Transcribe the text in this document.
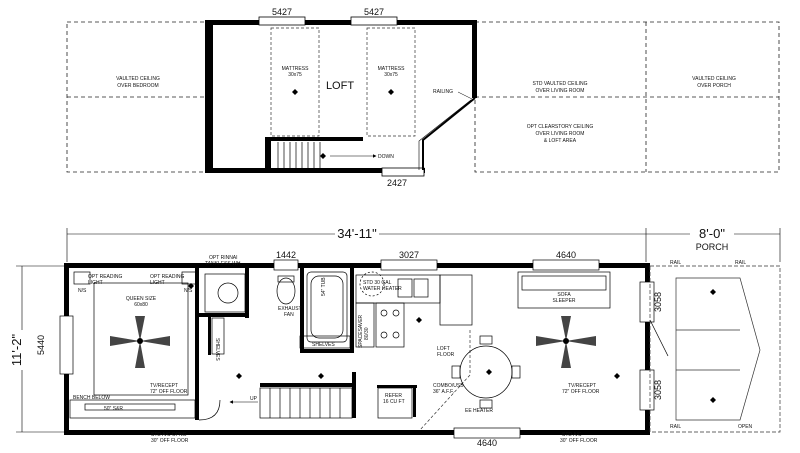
5427	5427
2427
RAILING
MATTRESS
30x75
MATTRESS
30x75
LOFT
DOWN
VAULTED CEILING
OVER BEDROOM	STD VAULTED CEILING
OVER LIVING ROOM
VAULTED CEILING
OVER PORCH
OPT CLEARSTORY CEILING
OVER LIVING ROOM
& LOFT AREA
34'-11"	8'-0"
PORCH
11'-2" 5440
1442	3027	4640
4640
3058
3058
QUEEN SIZE
60x80
OPT READING
LIGHT
OPT READING
LIGHT
N/S	N/S
BENCH BELOW
50" S&R
TV/RECEPT
72" OFF FLOOR
STD A/C OPNG
30" OFF FLOOR
OPT RINNAI
TANKLESS WH
SHELVES
EXHAUST
FAN
54" TUB
SHELVES
STD 30 GAL
WATER HEATER
SPACESAVER 80/30
REFER
16 CU FT
UP
LOFT
FLOOR
COMBO/USB
36" A.F.F.
EE HEATER
SOFA
SLEEPER
TV/RECEPT
72" OFF FLOOR
STD A/C
30" OFF FLOOR
RAIL	RAIL
RAIL	OPEN
